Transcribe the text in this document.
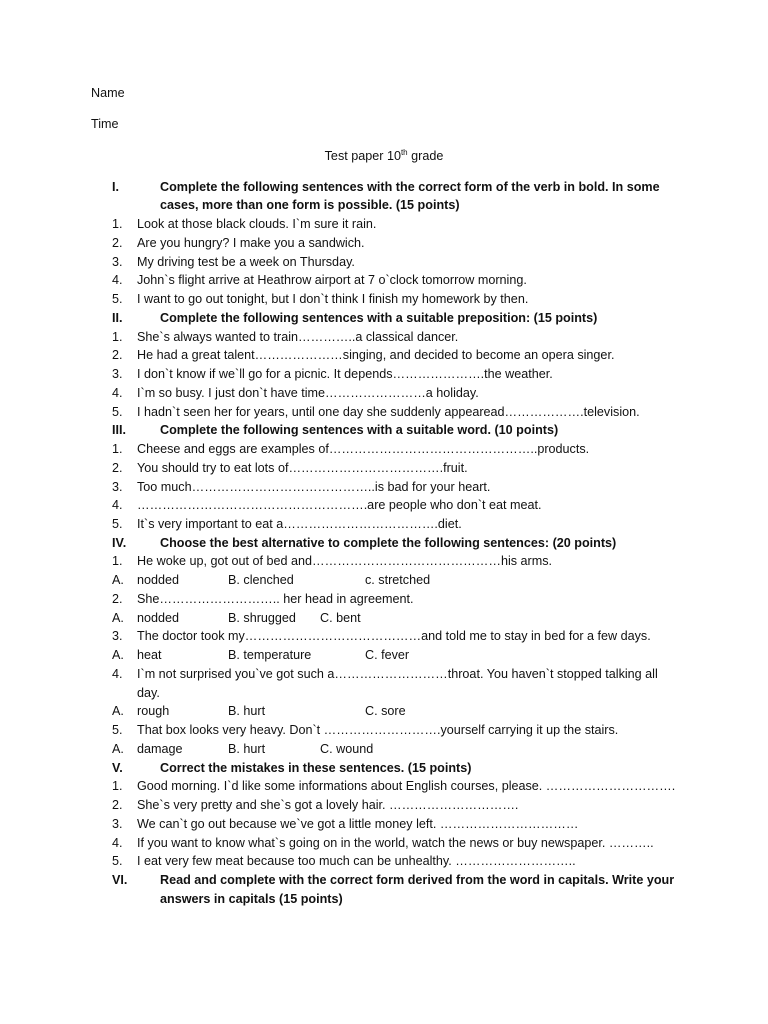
Name
Time
Test paper 10th grade
I.	Complete the following sentences with the correct form of the verb in bold. In some
cases, more than one form is possible. (15 points)
1. Look at those black clouds. I`m sure it rain.
2. Are you hungry? I make you a sandwich.
3. My driving test be a week on Thursday.
4. John`s flight arrive at Heathrow airport at 7 o`clock tomorrow morning.
5. I want to go out tonight, but I don`t think I finish my homework by then.
II.	Complete the following sentences with a suitable preposition: (15 points)
1. She`s always wanted to train…………..a classical dancer.
2. He had a great talent…………………singing, and decided to become an opera singer.
3. I don`t know if we`ll go for a picnic. It depends………………….the weather.
4. I`m so busy. I just don`t have time……………………a holiday.
5. I hadn`t seen her for years, until one day she suddenly appearead……………….television.
III.	Complete the following sentences with a suitable word. (10 points)
1. Cheese and eggs are examples of…………………………………………..products.
2. You should try to eat lots of……………………………….fruit.
3. Too much……………………………………..is bad for your heart.
4. ……………………………………………….are people who don`t eat meat.
5. It`s very important to eat a……………………………….diet.
IV.	Choose the best alternative to complete the following sentences: (20 points)
1. He woke up, got out of bed and………………………………………his arms.
A. nodded	B. clenched	c. stretched
2. She……………………….. her head in agreement.
A. nodded	B. shrugged C. bent
3. The doctor took my……………………………………and told me to stay in bed for a few days.
A. heat	B. temperature	C. fever
4. I`m not surprised you`ve got such a………………………throat. You haven`t stopped talking all
day.
A. rough	B. hurt	C. sore
5. That box looks very heavy. Don`t ……………………….yourself carrying it up the stairs.
A. damage	B. hurt	C. wound
V.	Correct the mistakes in these sentences. (15 points)
1. Good morning. I`d like some informations about English courses, please. ………………………….
2. She`s very pretty and she`s got a lovely hair. ………………………….
3. We can`t go out because we`ve got a little money left. ……………………………
4. If you want to know what`s going on in the world, watch the news or buy newspaper. ………..
5. I eat very few meat because too much can be unhealthy. ………………………..
VI.	Read and complete with the correct form derived from the word in capitals. Write your
answers in capitals (15 points)
